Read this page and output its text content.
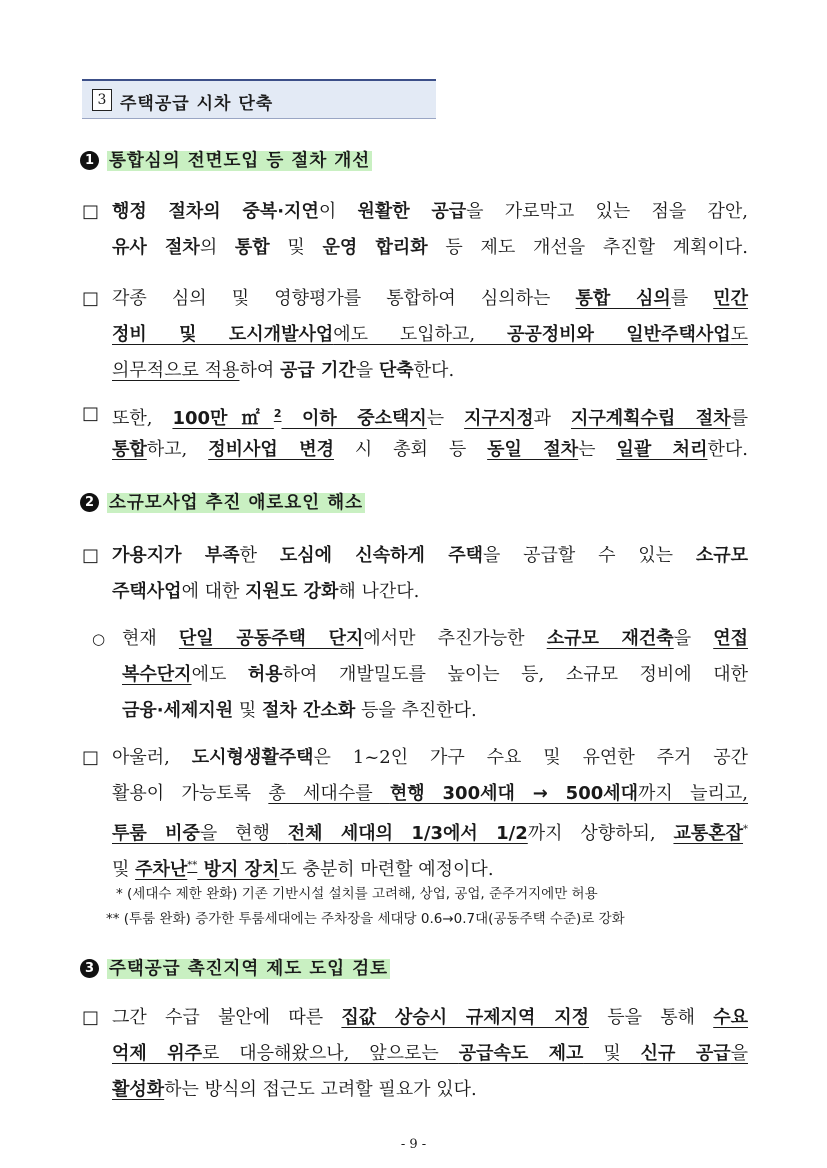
3 주택공급 시차 단축
1 통합심의 전면도입 등 절차 개선
□ 행정 절차의 중복·지연이 원활한 공급을 가로막고 있는 점을 감안,
유사 절차의 통합 및 운영 합리화 등 제도 개선을 추진할 계획이다.
□ 각종 심의 및 영향평가를 통합하여 심의하는 통합 심의를 민간
정비 및 도시개발사업에도 도입하고, 공공정비와 일반주택사업도
의무적으로 적용하여 공급 기간을 단축한다.
□ 또한, 100만㎡$^2$ 이하 중소택지는 지구지정과 지구계획수립 절차를
통합하고, 정비사업 변경 시 총회 등 동일 절차는 일괄 처리한다.
2 소규모사업 추진 애로요인 해소
□ 가용지가 부족한 도심에 신속하게 주택을 공급할 수 있는 소규모
주택사업에 대한 지원도 강화해 나간다.
○ 현재 단일 공동주택 단지에서만 추진가능한 소규모 재건축을 연접
복수단지에도 허용하여 개발밀도를 높이는 등, 소규모 정비에 대한
금융·세제지원 및 절차 간소화 등을 추진한다.
□ 아울러, 도시형생활주택은 1~2인 가구 수요 및 유연한 주거 공간
활용이 가능토록 총 세대수를 현행 300세대 → 500세대까지 늘리고,
투룸 비중을 현행 전체 세대의 1/3에서 1/2까지 상향하되, 교통혼잡*
및 주차난** 방지 장치도 충분히 마련할 예정이다.
* (세대수 제한 완화) 기존 기반시설 설치를 고려해, 상업, 공업, 준주거지에만 허용
** (투룸 완화) 증가한 투룸세대에는 주차장을 세대당 0.6→0.7대(공동주택 수준)로 강화
3 주택공급 촉진지역 제도 도입 검토
□ 그간 수급 불안에 따른 집값 상승시 규제지역 지정 등을 통해 수요
억제 위주로 대응해왔으나, 앞으로는 공급속도 제고 및 신규 공급을
활성화하는 방식의 접근도 고려할 필요가 있다.
- 9 -
